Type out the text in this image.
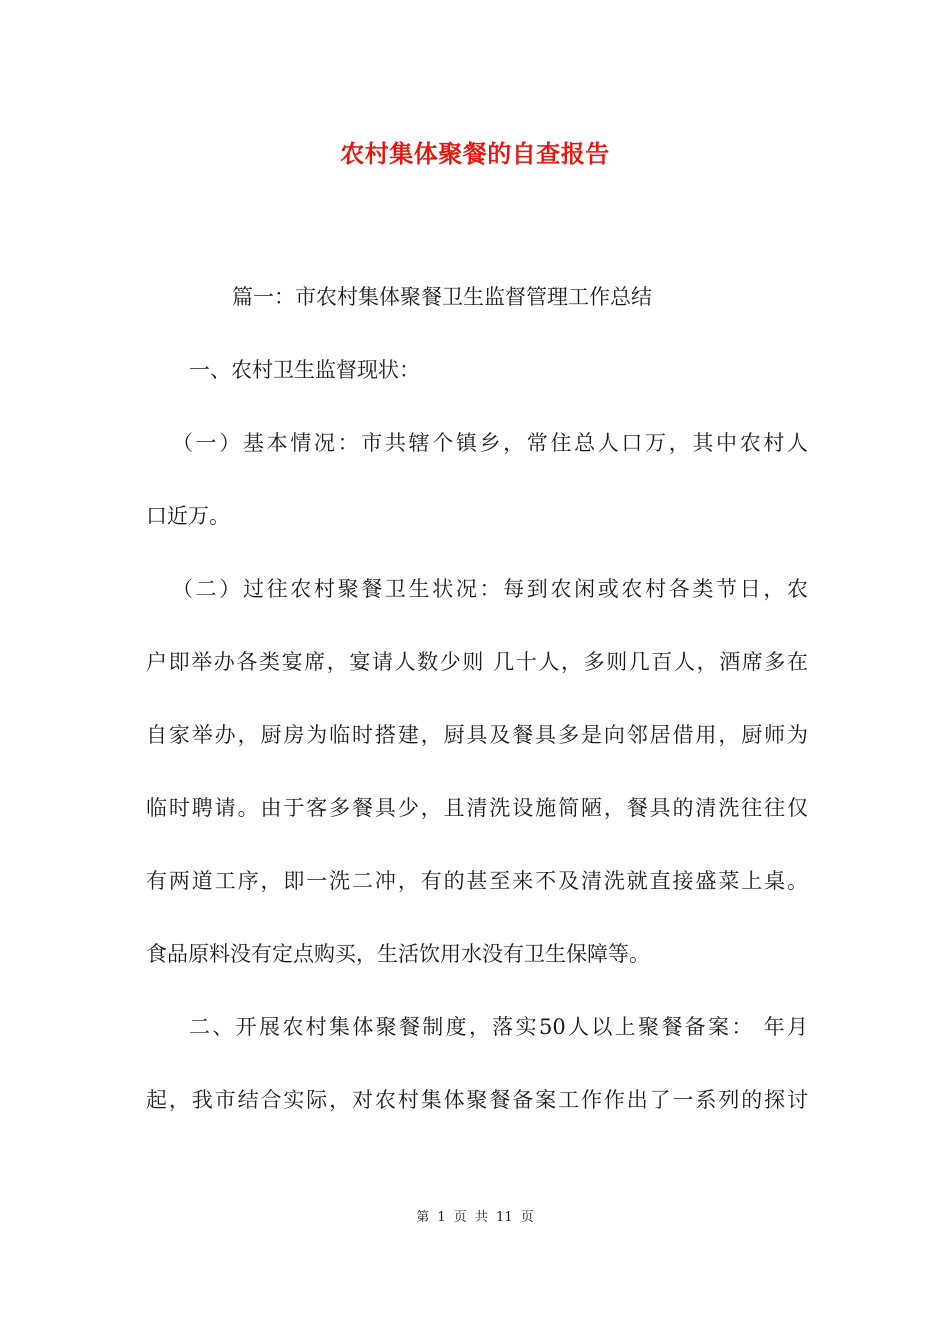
农村集体聚餐的自查报告
篇一：市农村集体聚餐卫生监督管理工作总结
一、农村卫生监督现状：
（一）基本情况：市共辖个镇乡，常住总人口万，其中农村人
口近万。
（二）过往农村聚餐卫生状况：每到农闲或农村各类节日，农
户即举办各类宴席，宴请人数少则 几十人，多则几百人，酒席多在
自家举办，厨房为临时搭建，厨具及餐具多是向邻居借用，厨师为
临时聘请。由于客多餐具少，且清洗设施简陋，餐具的清洗往往仅
有两道工序，即一洗二冲，有的甚至来不及清洗就直接盛菜上桌。
食品原料没有定点购买，生活饮用水没有卫生保障等。
二、开展农村集体聚餐制度，落实50人以上聚餐备案： 年月
起，我市结合实际，对农村集体聚餐备案工作作出了一系列的探讨
第 1 页 共 11 页
